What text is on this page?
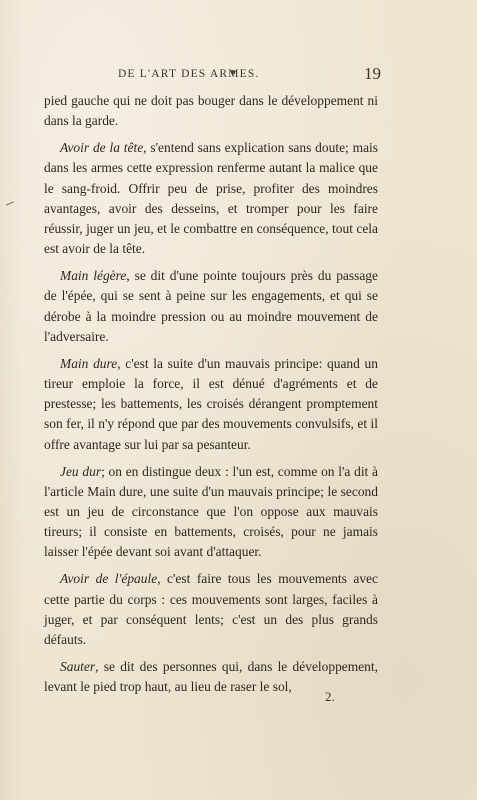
DE L'ART DES ARMES.	19

pied gauche qui ne doit pas bouger dans le développement ni dans la garde.

Avoir de la tête, s'entend sans explication sans doute; mais dans les armes cette expression renferme autant la malice que le sang-froid. Offrir peu de prise, profiter des moindres avantages, avoir des desseins, et tromper pour les faire réussir, juger un jeu, et le combattre en conséquence, tout cela est avoir de la tête.

Main légère, se dit d'une pointe toujours près du passage de l'épée, qui se sent à peine sur les engagements, et qui se dérobe à la moindre pression ou au moindre mouvement de l'adversaire.

Main dure, c'est la suite d'un mauvais principe: quand un tireur emploie la force, il est dénué d'agréments et de prestesse; les battements, les croisés dérangent promptement son fer, il n'y répond que par des mouvements convulsifs, et il offre avantage sur lui par sa pesanteur.

Jeu dur; on en distingue deux : l'un est, comme on l'a dit à l'article Main dure, une suite d'un mauvais principe; le second est un jeu de circonstance que l'on oppose aux mauvais tireurs; il consiste en battements, croisés, pour ne jamais laisser l'épée devant soi avant d'attaquer.

Avoir de l'épaule, c'est faire tous les mouvements avec cette partie du corps : ces mouvements sont larges, faciles à juger, et par conséquent lents; c'est un des plus grands défauts.

Sauter, se dit des personnes qui, dans le développement, levant le pied trop haut, au lieu de raser le sol,

2.
